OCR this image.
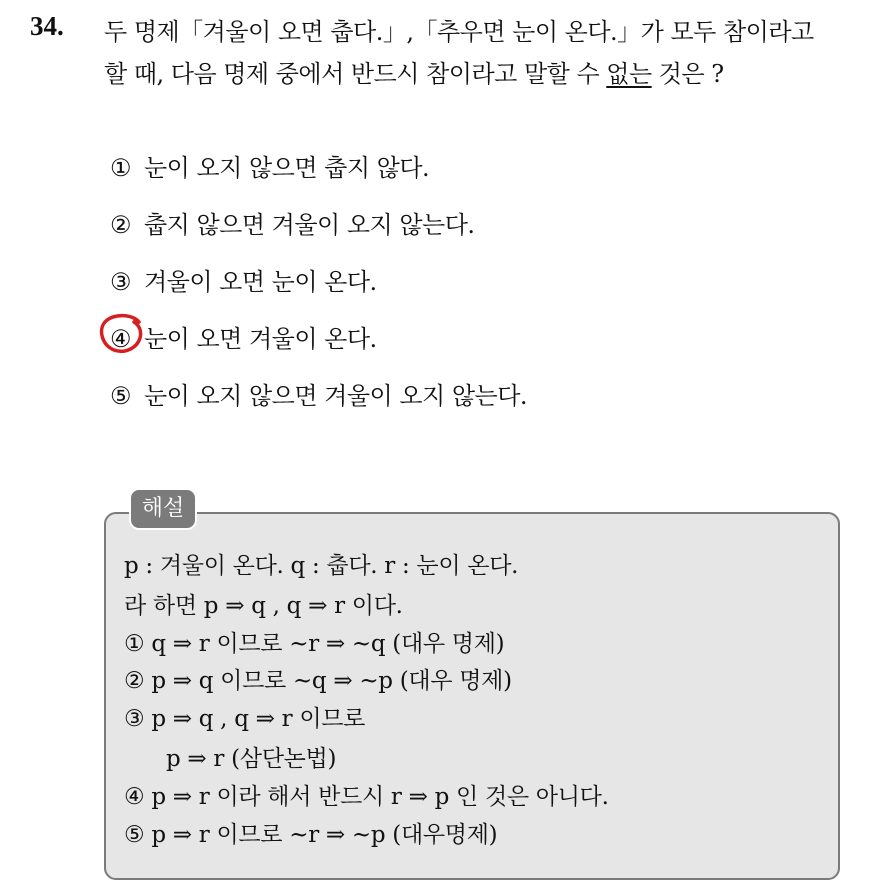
34. 두 명제「겨울이 오면 춥다.」,「추우면 눈이 온다.」가 모두 참이라고
할 때, 다음 명제 중에서 반드시 참이라고 말할 수 없는 것은 ?
① 눈이 오지 않으면 춥지 않다.
② 춥지 않으면 겨울이 오지 않는다.
③ 겨울이 오면 눈이 온다.
④ 눈이 오면 겨울이 온다.
⑤ 눈이 오지 않으면 겨울이 오지 않는다.
해설
p : 겨울이 온다. q : 춥다. r : 눈이 온다.
라 하면 p ⇒ q , q ⇒ r 이다.
① q ⇒ r 이므로 ~r ⇒ ~q (대우 명제)
② p ⇒ q 이므로 ~q ⇒ ~p (대우 명제)
③ p ⇒ q , q ⇒ r 이므로
p ⇒ r (삼단논법)
④ p ⇒ r 이라 해서 반드시 r ⇒ p 인 것은 아니다.
⑤ p ⇒ r 이므로 ~r ⇒ ~p (대우명제)
